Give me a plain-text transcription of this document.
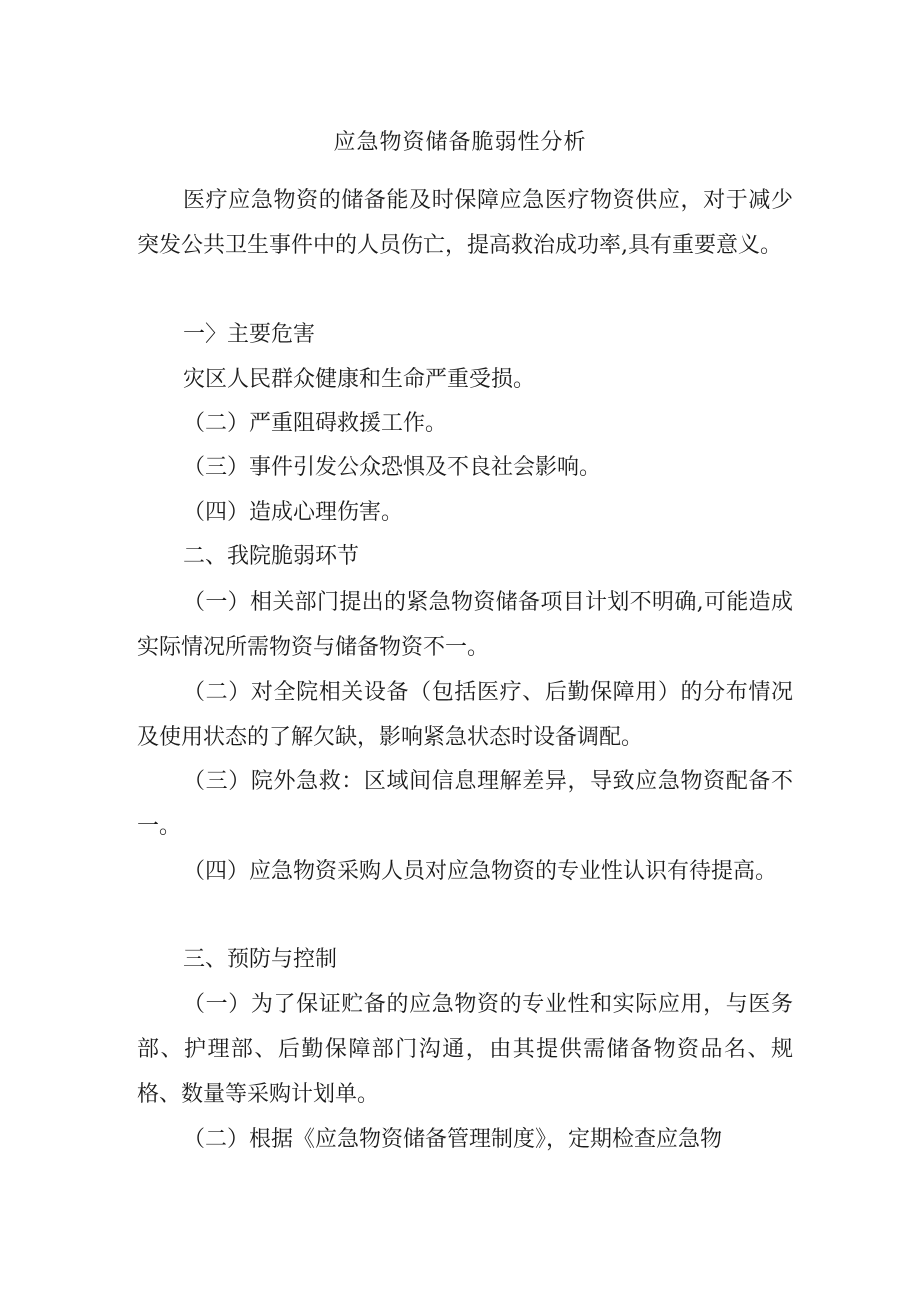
应急物资储备脆弱性分析
医疗应急物资的储备能及时保障应急医疗物资供应，对于减少突发公共卫生事件中的人员伤亡，提高救治成功率,具有重要意义。
一〉主要危害
灾区人民群众健康和生命严重受损。
（二）严重阻碍救援工作。
（三）事件引发公众恐惧及不良社会影响。
（四）造成心理伤害。
二、我院脆弱环节
（一）相关部门提出的紧急物资储备项目计划不明确,可能造成实际情况所需物资与储备物资不一。
（二）对全院相关设备（包括医疗、后勤保障用）的分布情况及使用状态的了解欠缺，影响紧急状态时设备调配。
（三）院外急救：区域间信息理解差异，导致应急物资配备不一。
（四）应急物资采购人员对应急物资的专业性认识有待提高。
三、预防与控制
（一）为了保证贮备的应急物资的专业性和实际应用，与医务部、护理部、后勤保障部门沟通，由其提供需储备物资品名、规格、数量等采购计划单。
（二）根据《应急物资储备管理制度》，定期检查应急物
